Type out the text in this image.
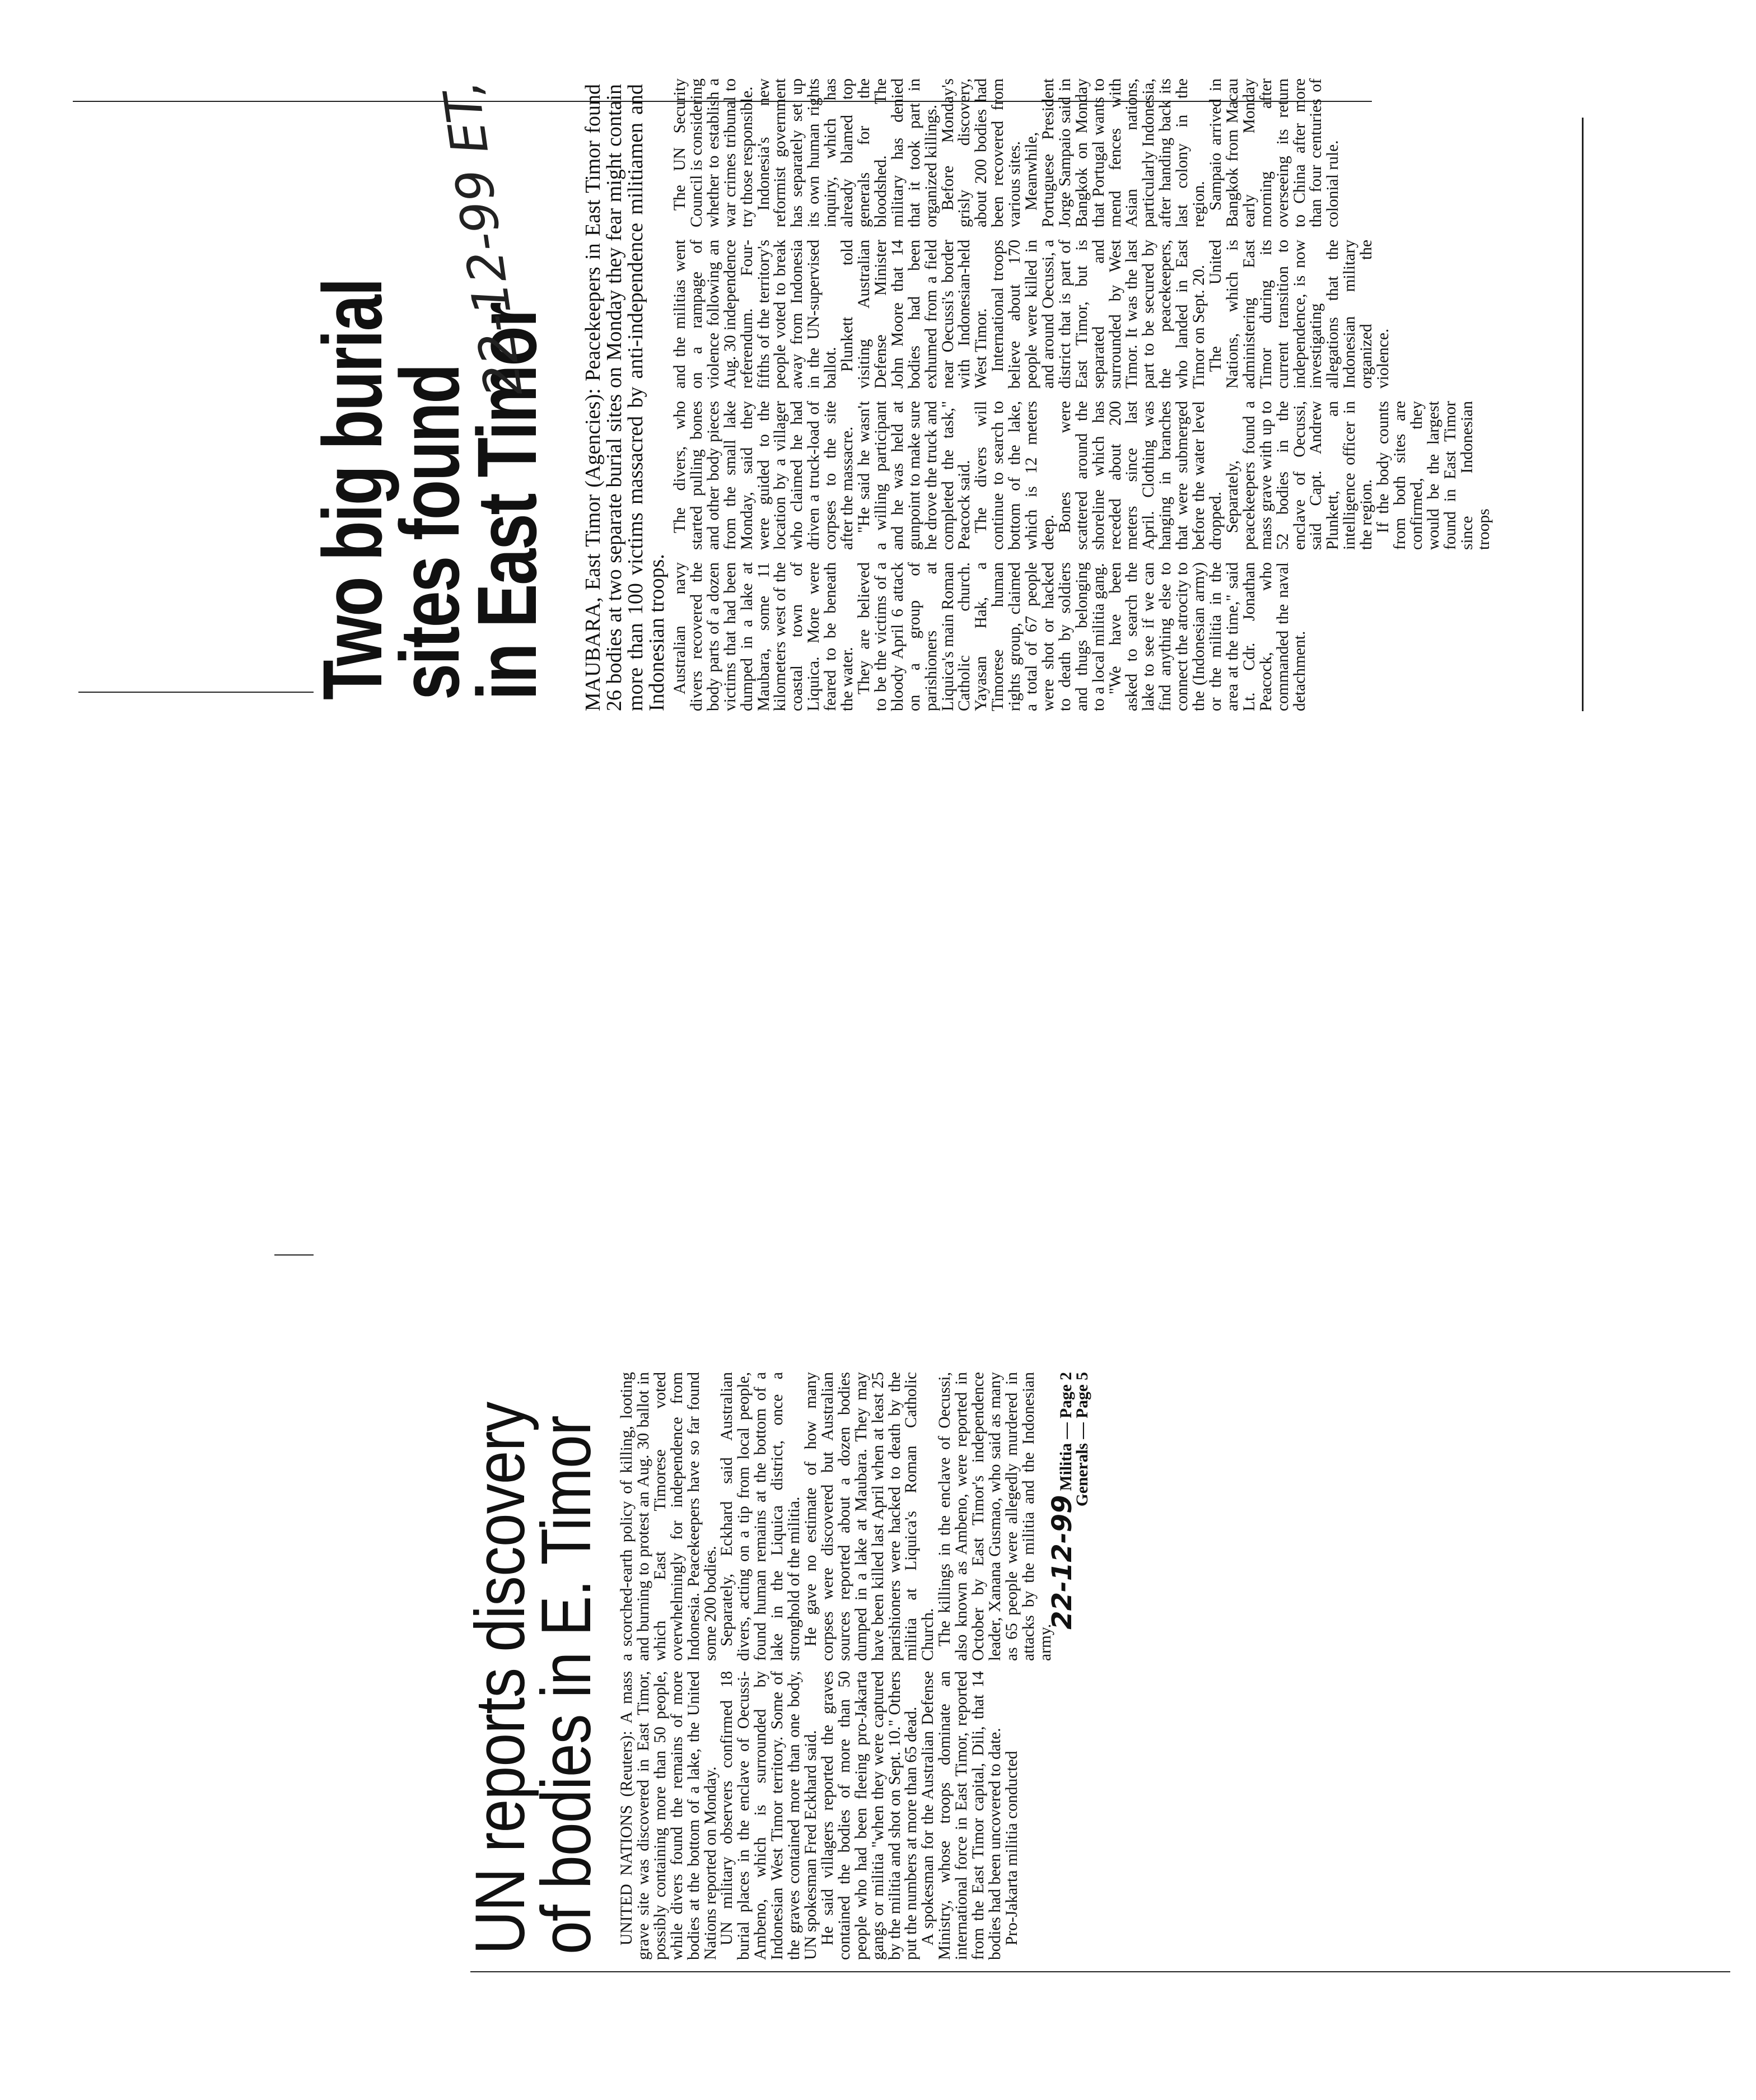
Two big burial
sites found
in East Timor
22-12-99 ET, MAUBARA, East Timor (Agencies): Peacekeepers in East Timor found 26 bodies at two separate burial sites on Monday they fear might contain more than 100 victims massacred by anti-independence militiamen and Indonesian troops. Australian navy divers recovered the body parts of a dozen victims that had been dumped in a lake at Maubara, some 11 kilometers west of the coastal town of Liquica. More were feared to be beneath the water.

They are believed to be the victims of a bloody April 6 attack on a group of parishioners at Liquica's main Roman Catholic church. Yayasan Hak, a Timorese human rights group, claimed a total of 67 people were shot or hacked to death by soldiers and thugs belonging to a local militia gang.

"We have been asked to search the lake to see if we can find anything else to connect the atrocity to the (Indonesian army) or the militia in the area at the time," said Lt. Cdr. Jonathan Peacock, who commanded the naval detachment.

The divers, who started pulling bones and other body pieces from the small lake Monday, said they were guided to the location by a villager who claimed he had driven a truck-load of corpses to the site after the massacre.

"He said he wasn't a willing participant and he was held at gunpoint to make sure he drove the truck and completed the task," Peacock said.

The divers will continue to search to bottom of the lake, which is 12 meters deep.

Bones were scattered around the shoreline which has receded about 200 meters since last April. Clothing was hanging in branches that were submerged before the water level dropped.

Separately, peacekeepers found a mass grave with up to 52 bodies in the enclave of Oecussi, said Capt. Andrew Plunkett, an intelligence officer in the region.

If the body counts from both sites are confirmed, they would be the largest found in East Timor since Indonesian troops

and the militias went on a rampage of violence following an Aug. 30 independence referendum. Four-fifths of the territory's people voted to break away from Indonesia in the UN-supervised ballot.

Plunkett told visiting Australian Defense Minister John Moore that 14 bodies had been exhumed from a field near Oecussi's border with Indonesian-held West Timor.

International troops believe about 170 people were killed in and around Oecussi, a district that is part of East Timor, but is separated and surrounded by West Timor. It was the last part to be secured by the peacekeepers, who landed in East Timor on Sept. 20.

The United Nations, which is administering East Timor during its current transition to independence, is now investigating allegations that the Indonesian military organized the violence.

The UN Security Council is considering whether to establish a war crimes tribunal to try those responsible.

Indonesia's new reformist government has separately set up its own human rights inquiry, which has already blamed top generals for the bloodshed. The military has denied that it took part in organized killings.

Before Monday's grisly discovery, about 200 bodies had been recovered from various sites.

Meanwhile, Portuguese President Jorge Sampaio said in Bangkok on Monday that Portugal wants to mend fences with Asian nations, particularly Indonesia, after handing back its last colony in the region.

Sampaio arrived in Bangkok from Macau early Monday morning after overseeing its return to China after more than four centuries of colonial rule.

UN reports discovery
of bodies in E. Timor UNITED NATIONS (Reuters): A mass grave site was discovered in East Timor, possibly containing more than 50 people, while divers found the remains of more bodies at the bottom of a lake, the United Nations reported on Monday.

UN military observers confirmed 18 burial places in the enclave of Oecussi-Ambeno, which is surrounded by Indonesian West Timor territory. Some of the graves contained more than one body, UN spokesman Fred Eckhard said.

He said villagers reported the graves contained the bodies of more than 50 people who had been fleeing pro-Jakarta gangs or militia "when they were captured by the militia and shot on Sept. 10." Others put the numbers at more than 65 dead.

A spokesman for the Australian Defense Ministry, whose troops dominate an international force in East Timor, reported from the East Timor capital, Dili, that 14 bodies had been uncovered to date.

Pro-Jakarta militia conducted

a scorched-earth policy of killing, looting and burning to protest an Aug. 30 ballot in which East Timorese voted overwhelmingly for independence from Indonesia. Peacekeepers have so far found some 200 bodies.

Separately, Eckhard said Australian divers, acting on a tip from local people, found human remains at the bottom of a lake in the Liquica district, once a stronghold of the militia.

He gave no estimate of how many corpses were discovered but Australian sources reported about a dozen bodies dumped in a lake at Maubara. They may have been killed last April when at least 25 parishioners were hacked to death by the militia at Liquica's Roman Catholic Church.

The killings in the enclave of Oecussi, also known as Ambeno, were reported in October by East Timor's independence leader, Xanana Gusmao, who said as many as 65 people were allegedly murdered in attacks by the militia and the Indonesian army.

22-12-99 Militia — Page 2

Generals — Page 5
